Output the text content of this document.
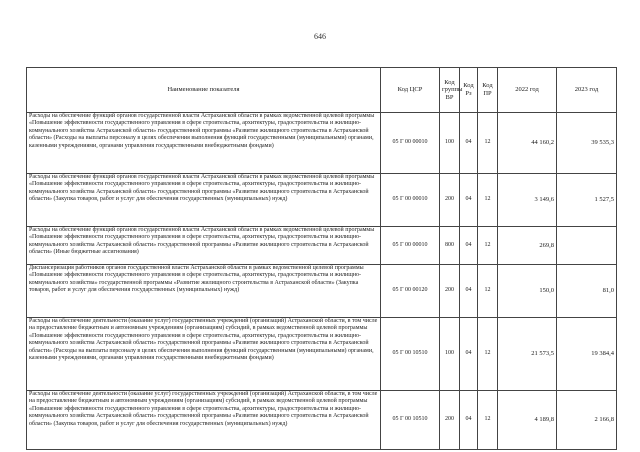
646
Наименование показателя	Код ЦСР	Код группы ВР	Код Рз	Код ПР	2022 год	2023 год
Расходы на обеспечение функций органов государственной власти Астраханской области в рамках ведомственной целевой программы «Повышение эффективности государственного управления в сфере строительства, архитектуры, градостроительства и жилищно-коммунального хозяйства Астраханской области» государственной программы «Развитие жилищного строительства в Астраханской области» (Расходы на выплаты персоналу в целях обеспечения выполнения функций государственными (муниципальными) органами, казенными учреждениями, органами управления государственными внебюджетными фондами)	05 Г 00 00010	100	04	12	44 160,2	39 535,3
Расходы на обеспечение функций органов государственной власти Астраханской области в рамках ведомственной целевой программы «Повышение эффективности государственного управления в сфере строительства, архитектуры, градостроительства и жилищно-коммунального хозяйства Астраханской области» государственной программы «Развитие жилищного строительства в Астраханской области» (Закупка товаров, работ и услуг для обеспечения государственных (муниципальных) нужд)	05 Г 00 00010	200	04	12	3 149,6	1 527,5
Расходы на обеспечение функций органов государственной власти Астраханской области в рамках ведомственной целевой программы «Повышение эффективности государственного управления в сфере строительства, архитектуры, градостроительства и жилищно-коммунального хозяйства Астраханской области» государственной программы «Развитие жилищного строительства в Астраханской области» (Иные бюджетные ассигнования)	05 Г 00 00010	800	04	12	269,8	
Диспансеризация работников органов государственной власти Астраханской области в рамках ведомственной целевой программы «Повышение эффективности государственного управления в сфере строительства, архитектуры, градостроительства и жилищно-коммунального хозяйства» государственной программы «Развитие жилищного строительства в Астраханской области» (Закупка товаров, работ и услуг для обеспечения государственных (муниципальных) нужд)	05 Г 00 00120	200	04	12	150,0	81,0
Расходы на обеспечение деятельности (оказание услуг) государственных учреждений (организаций) Астраханской области, в том числе на предоставление бюджетным и автономным учреждениям (организациям) субсидий, в рамках ведомственной целевой программы «Повышение эффективности государственного управления в сфере строительства, архитектуры, градостроительства и жилищно-коммунального хозяйства Астраханской области» государственной программы «Развитие жилищного строительства в Астраханской области» (Расходы на выплаты персоналу в целях обеспечения выполнения функций государственными (муниципальными) органами, казенными учреждениями, органами управления государственными внебюджетными фондами)	05 Г 00 10510	100	04	12	21 573,5	19 384,4
Расходы на обеспечение деятельности (оказание услуг) государственных учреждений (организаций) Астраханской области, в том числе на предоставление бюджетным и автономным учреждениям (организациям) субсидий, в рамках ведомственной целевой программы «Повышение эффективности государственного управления в сфере строительства, архитектуры, градостроительства и жилищно-коммунального хозяйства Астраханской области» государственной программы «Развитие жилищного строительства в Астраханской области» (Закупка товаров, работ и услуг для обеспечения государственных (муниципальных) нужд)	05 Г 00 10510	200	04	12	4 189,8	2 166,8
